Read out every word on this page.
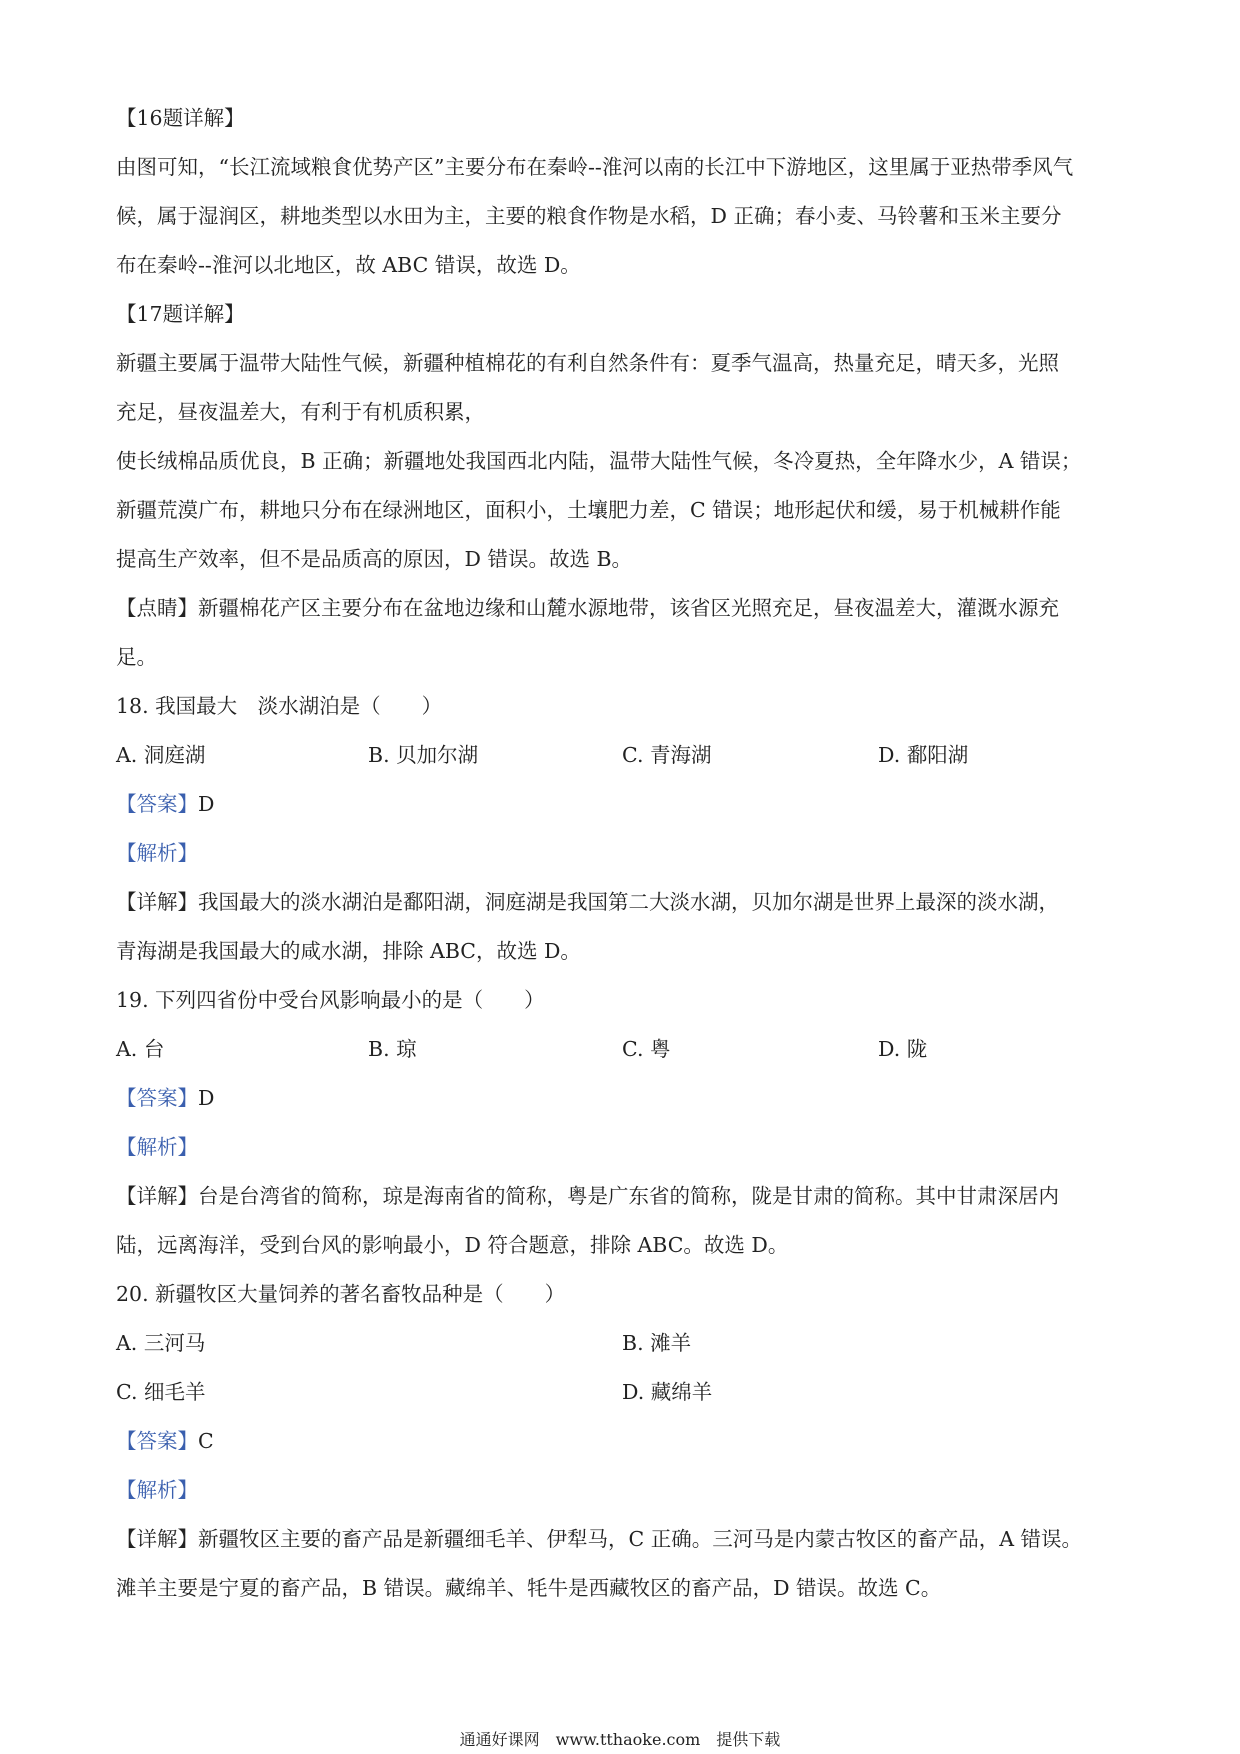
【16题详解】
由图可知，“长江流域粮食优势产区”主要分布在秦岭--淮河以南的长江中下游地区，这里属于亚热带季风气
候，属于湿润区，耕地类型以水田为主，主要的粮食作物是水稻，D 正确；春小麦、马铃薯和玉米主要分
布在秦岭--淮河以北地区，故 ABC 错误，故选 D。
【17题详解】
新疆主要属于温带大陆性气候，新疆种植棉花的有利自然条件有：夏季气温高，热量充足，晴天多，光照
充足，昼夜温差大，有利于有机质积累，
使长绒棉品质优良，B 正确；新疆地处我国西北内陆，温带大陆性气候，冬冷夏热，全年降水少，A 错误；
新疆荒漠广布，耕地只分布在绿洲地区，面积小，土壤肥力差，C 错误；地形起伏和缓，易于机械耕作能
提高生产效率，但不是品质高的原因，D 错误。故选 B。
【点睛】新疆棉花产区主要分布在盆地边缘和山麓水源地带，该省区光照充足，昼夜温差大，灌溉水源充
足。
18. 我国最大　淡水湖泊是（　　）
A. 洞庭湖	B. 贝加尔湖	C. 青海湖	D. 鄱阳湖
【答案】D
【解析】
【详解】我国最大的淡水湖泊是鄱阳湖，洞庭湖是我国第二大淡水湖，贝加尔湖是世界上最深的淡水湖，
青海湖是我国最大的咸水湖，排除 ABC，故选 D。
19. 下列四省份中受台风影响最小的是（　　）
A. 台	B. 琼	C. 粤	D. 陇
【答案】D
【解析】
【详解】台是台湾省的简称，琼是海南省的简称，粤是广东省的简称，陇是甘肃的简称。其中甘肃深居内
陆，远离海洋，受到台风的影响最小，D 符合题意，排除 ABC。故选 D。
20. 新疆牧区大量饲养的著名畜牧品种是（　　）
A. 三河马	B. 滩羊
C. 细毛羊	D. 藏绵羊
【答案】C
【解析】
【详解】新疆牧区主要的畜产品是新疆细毛羊、伊犁马，C 正确。三河马是内蒙古牧区的畜产品，A 错误。
滩羊主要是宁夏的畜产品，B 错误。藏绵羊、牦牛是西藏牧区的畜产品，D 错误。故选 C。
通通好课网　www.tthaoke.com　提供下载
